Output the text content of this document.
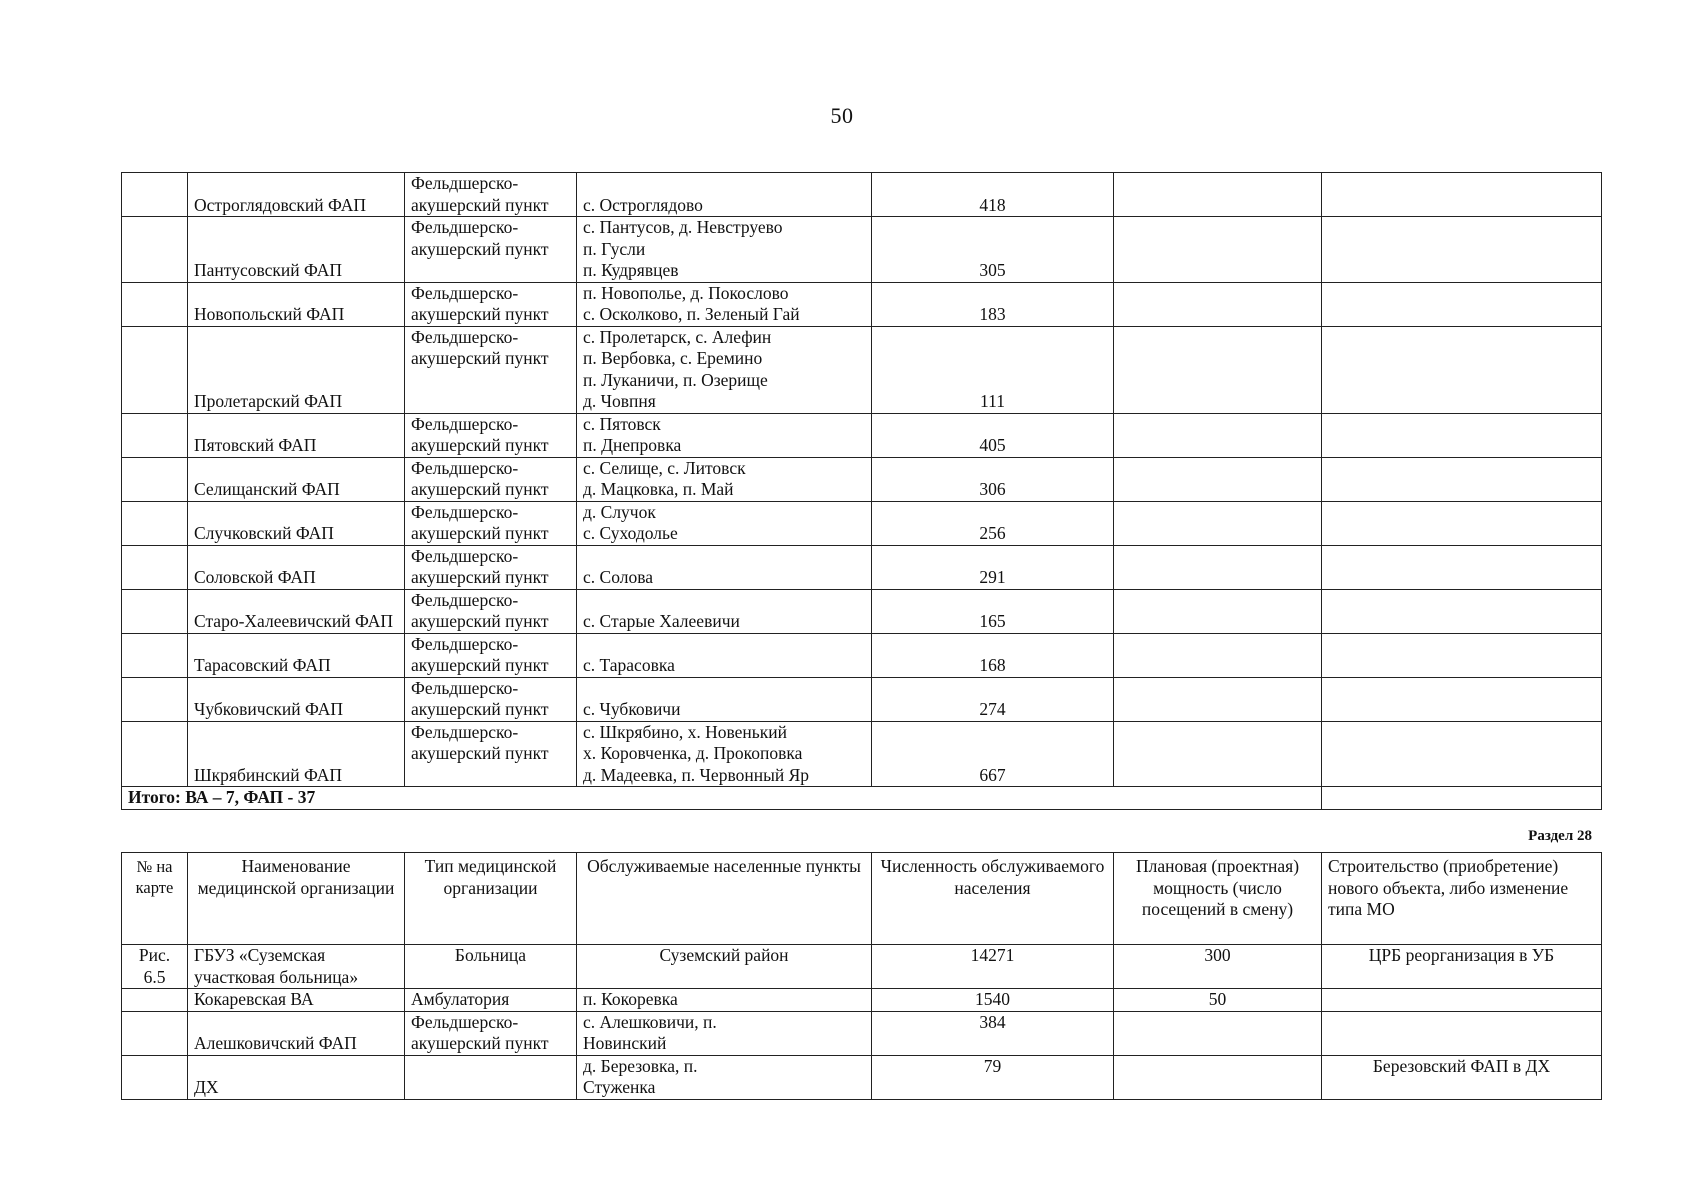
50
	Остроглядовский ФАП	Фельдшерско-
акушерский пункт	с. Остроглядово	418		
	Пантусовский ФАП	Фельдшерско-
акушерский пункт	с. Пантусов, д. Невструево
п. Гусли
п. Кудрявцев	305		
	Новопольский ФАП	Фельдшерско-
акушерский пункт	п. Новополье, д. Покослово
с. Осколково, п. Зеленый Гай	183		
	Пролетарский ФАП	Фельдшерско-
акушерский пункт	с. Пролетарск, с. Алефин
п. Вербовка, с. Еремино
п. Луканичи, п. Озерище
д. Човпня	111		
	Пятовский ФАП	Фельдшерско-
акушерский пункт	с. Пятовск
п. Днепровка	405		
	Селищанский ФАП	Фельдшерско-
акушерский пункт	с. Селище, с. Литовск
д. Мацковка, п. Май	306		
	Случковский ФАП	Фельдшерско-
акушерский пункт	д. Случок
с. Суходолье	256		
	Соловской ФАП	Фельдшерско-
акушерский пункт	с. Солова	291		
	Старо-Халеевичский ФАП	Фельдшерско-
акушерский пункт	с. Старые Халеевичи	165		
	Тарасовский ФАП	Фельдшерско-
акушерский пункт	с. Тарасовка	168		
	Чубковичский ФАП	Фельдшерско-
акушерский пункт	с. Чубковичи	274		
	Шкрябинский ФАП	Фельдшерско-
акушерский пункт	с. Шкрябино, х. Новенький
х. Коровченка, д. Прокоповка
д. Мадеевка, п. Червонный Яр	667		
Итого: ВА – 7, ФАП - 37						
Раздел 28
№ на карте	Наименование медицинской организации	Тип медицинской организации	Обслуживаемые населенные пункты	Численность обслуживаемого населения	Плановая (проектная) мощность (число посещений в смену)	Строительство (приобретение) нового объекта, либо изменение типа МО
Рис. 6.5	ГБУЗ «Суземская участковая больница»	Больница	Суземский район	14271	300	ЦРБ реорганизация в УБ
	Кокаревская ВА	Амбулатория	п. Кокоревка	1540	50	
	Алешковичский ФАП	Фельдшерско- акушерский пункт	с. Алешковичи, п. Новинский	384		
	ДХ		д. Березовка, п. Стуженка	79		Березовский ФАП в ДХ
